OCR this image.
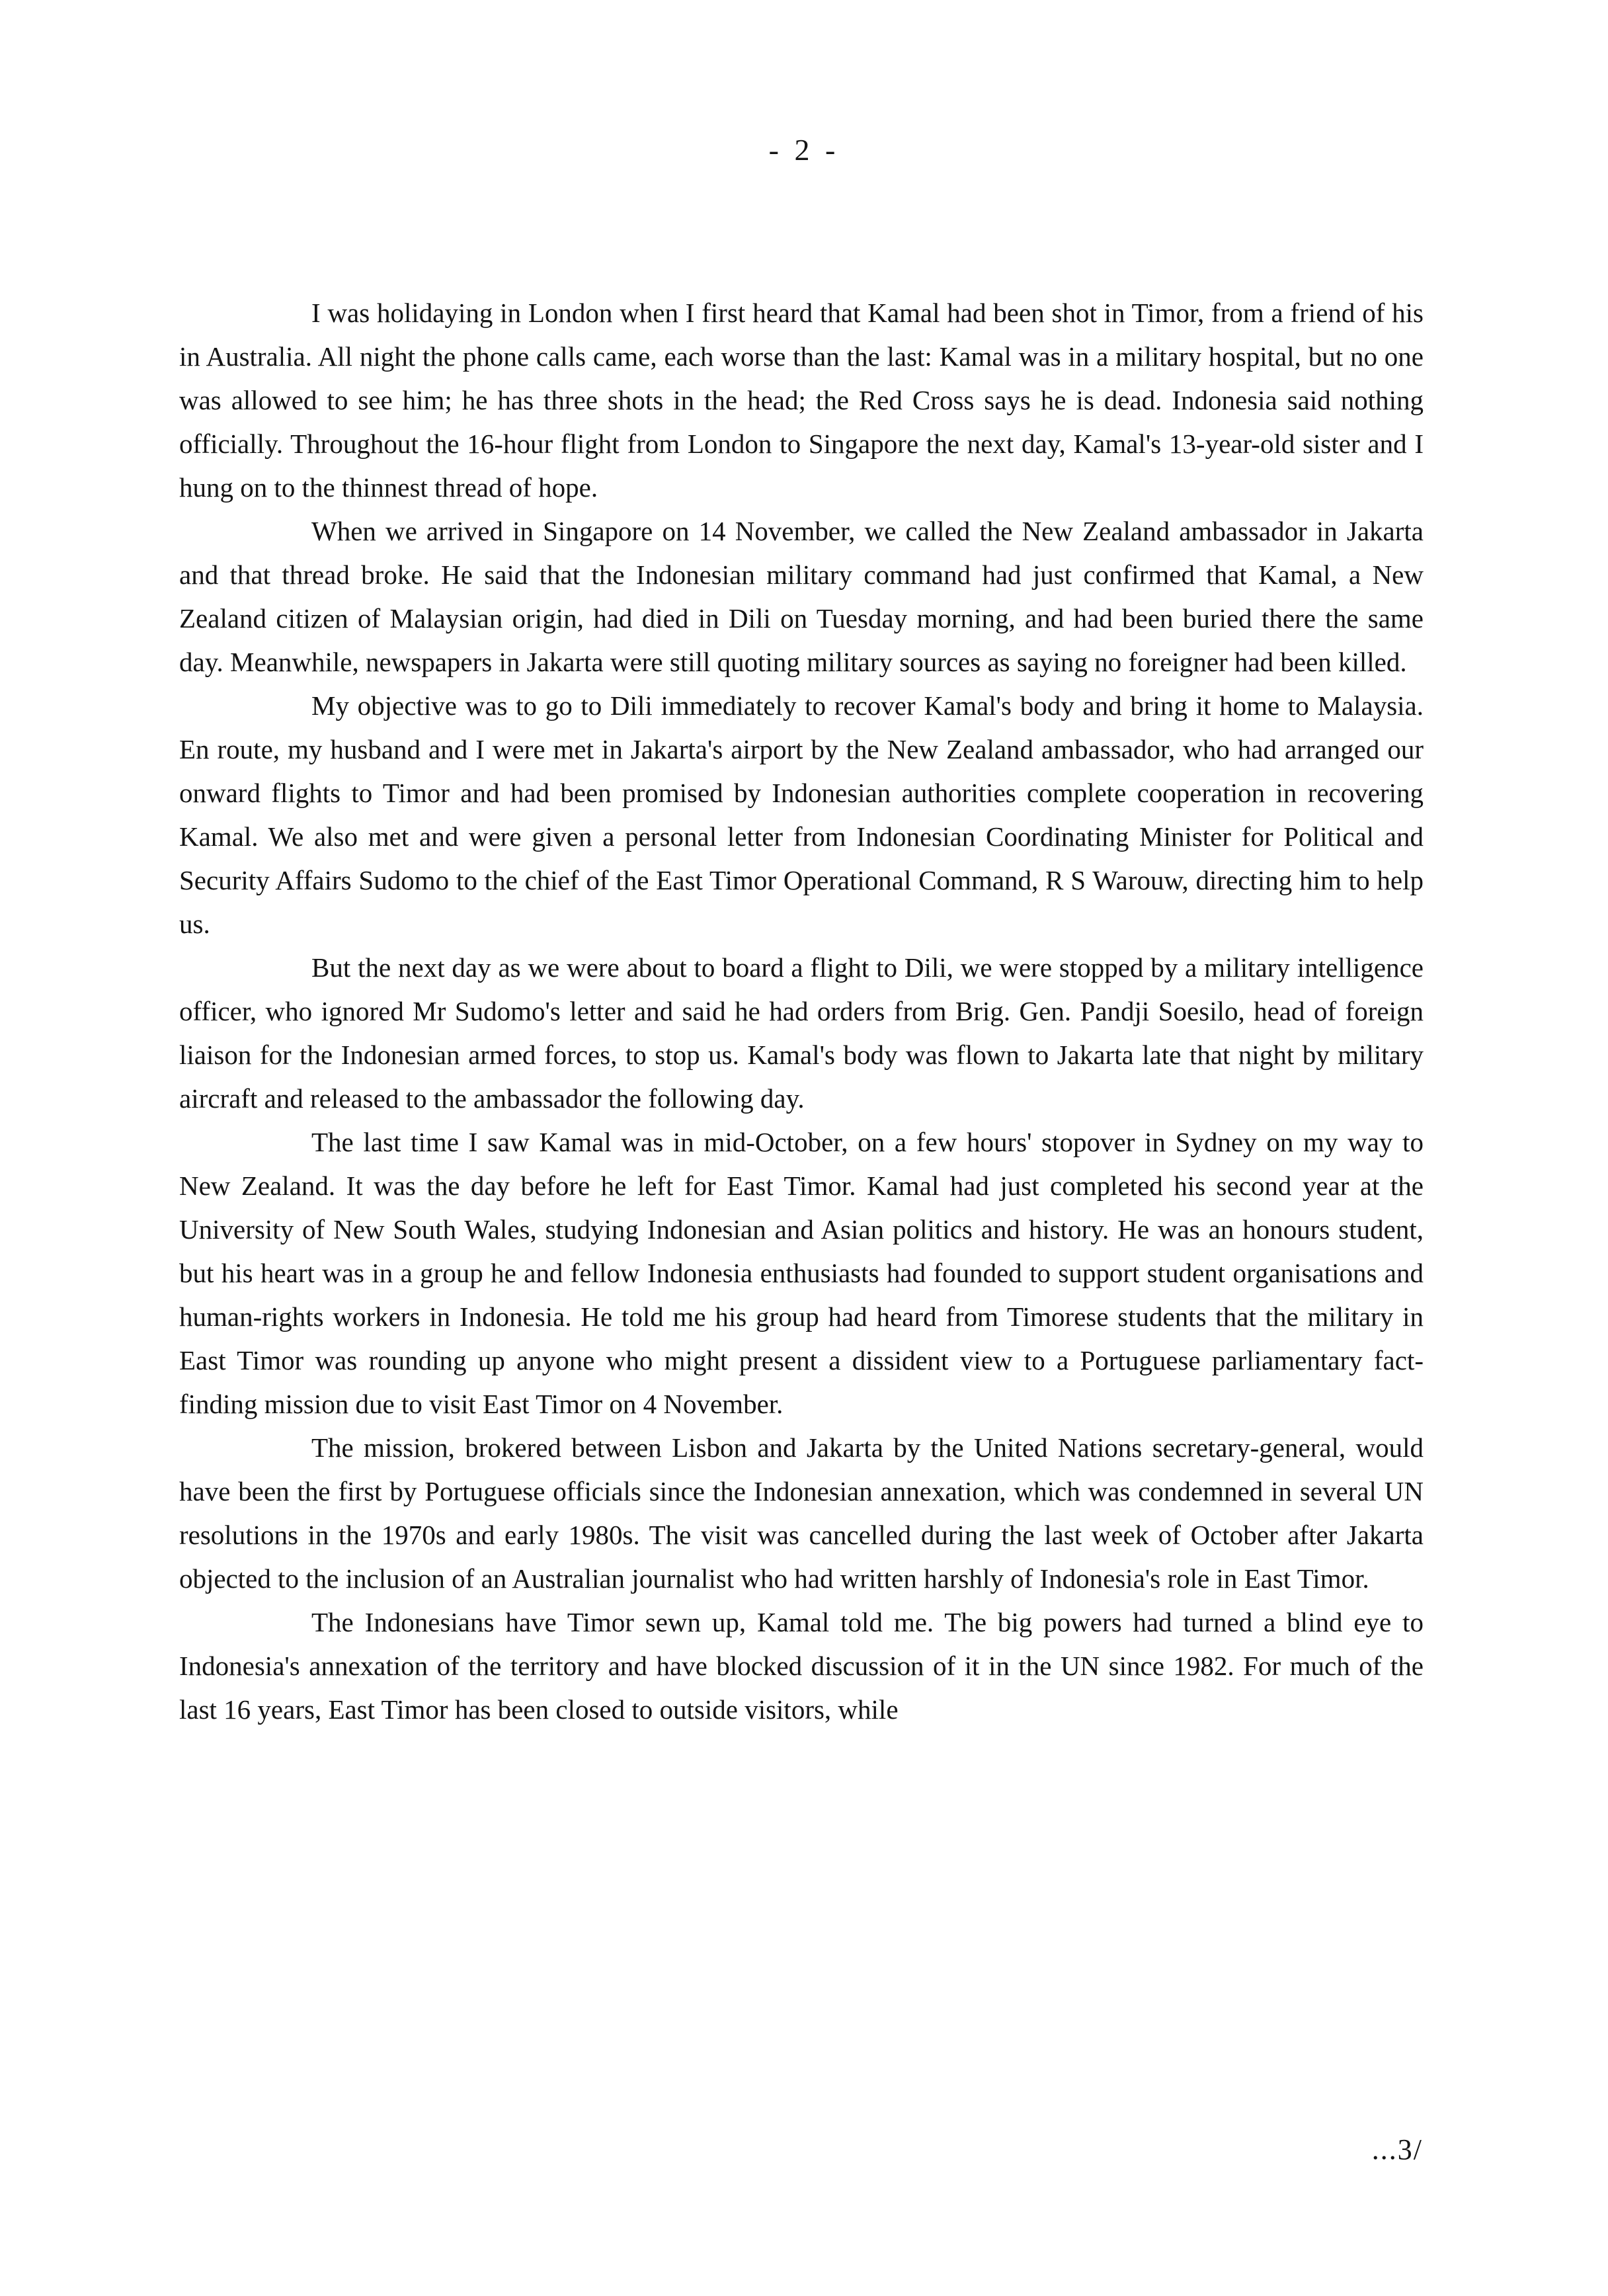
- 2 -

I was holidaying in London when I first heard that Kamal had been shot in Timor, from a friend of his in Australia. All night the phone calls came, each worse than the last: Kamal was in a military hospital, but no one was allowed to see him; he has three shots in the head; the Red Cross says he is dead. Indonesia said nothing officially. Throughout the 16-hour flight from London to Singapore the next day, Kamal's 13-year-old sister and I hung on to the thinnest thread of hope.

When we arrived in Singapore on 14 November, we called the New Zealand ambassador in Jakarta and that thread broke. He said that the Indonesian military command had just confirmed that Kamal, a New Zealand citizen of Malaysian origin, had died in Dili on Tuesday morning, and had been buried there the same day. Meanwhile, newspapers in Jakarta were still quoting military sources as saying no foreigner had been killed.

My objective was to go to Dili immediately to recover Kamal's body and bring it home to Malaysia. En route, my husband and I were met in Jakarta's airport by the New Zealand ambassador, who had arranged our onward flights to Timor and had been promised by Indonesian authorities complete cooperation in recovering Kamal. We also met and were given a personal letter from Indonesian Coordinating Minister for Political and Security Affairs Sudomo to the chief of the East Timor Operational Command, R S Warouw, directing him to help us.

But the next day as we were about to board a flight to Dili, we were stopped by a military intelligence officer, who ignored Mr Sudomo's letter and said he had orders from Brig. Gen. Pandji Soesilo, head of foreign liaison for the Indonesian armed forces, to stop us. Kamal's body was flown to Jakarta late that night by military aircraft and released to the ambassador the following day.

The last time I saw Kamal was in mid-October, on a few hours' stopover in Sydney on my way to New Zealand. It was the day before he left for East Timor. Kamal had just completed his second year at the University of New South Wales, studying Indonesian and Asian politics and history. He was an honours student, but his heart was in a group he and fellow Indonesia enthusiasts had founded to support student organisations and human-rights workers in Indonesia. He told me his group had heard from Timorese students that the military in East Timor was rounding up anyone who might present a dissident view to a Portuguese parliamentary fact-finding mission due to visit East Timor on 4 November.

The mission, brokered between Lisbon and Jakarta by the United Nations secretary-general, would have been the first by Portuguese officials since the Indonesian annexation, which was condemned in several UN resolutions in the 1970s and early 1980s. The visit was cancelled during the last week of October after Jakarta objected to the inclusion of an Australian journalist who had written harshly of Indonesia's role in East Timor.

The Indonesians have Timor sewn up, Kamal told me. The big powers had turned a blind eye to Indonesia's annexation of the territory and have blocked discussion of it in the UN since 1982. For much of the last 16 years, East Timor has been closed to outside visitors, while

...3/
